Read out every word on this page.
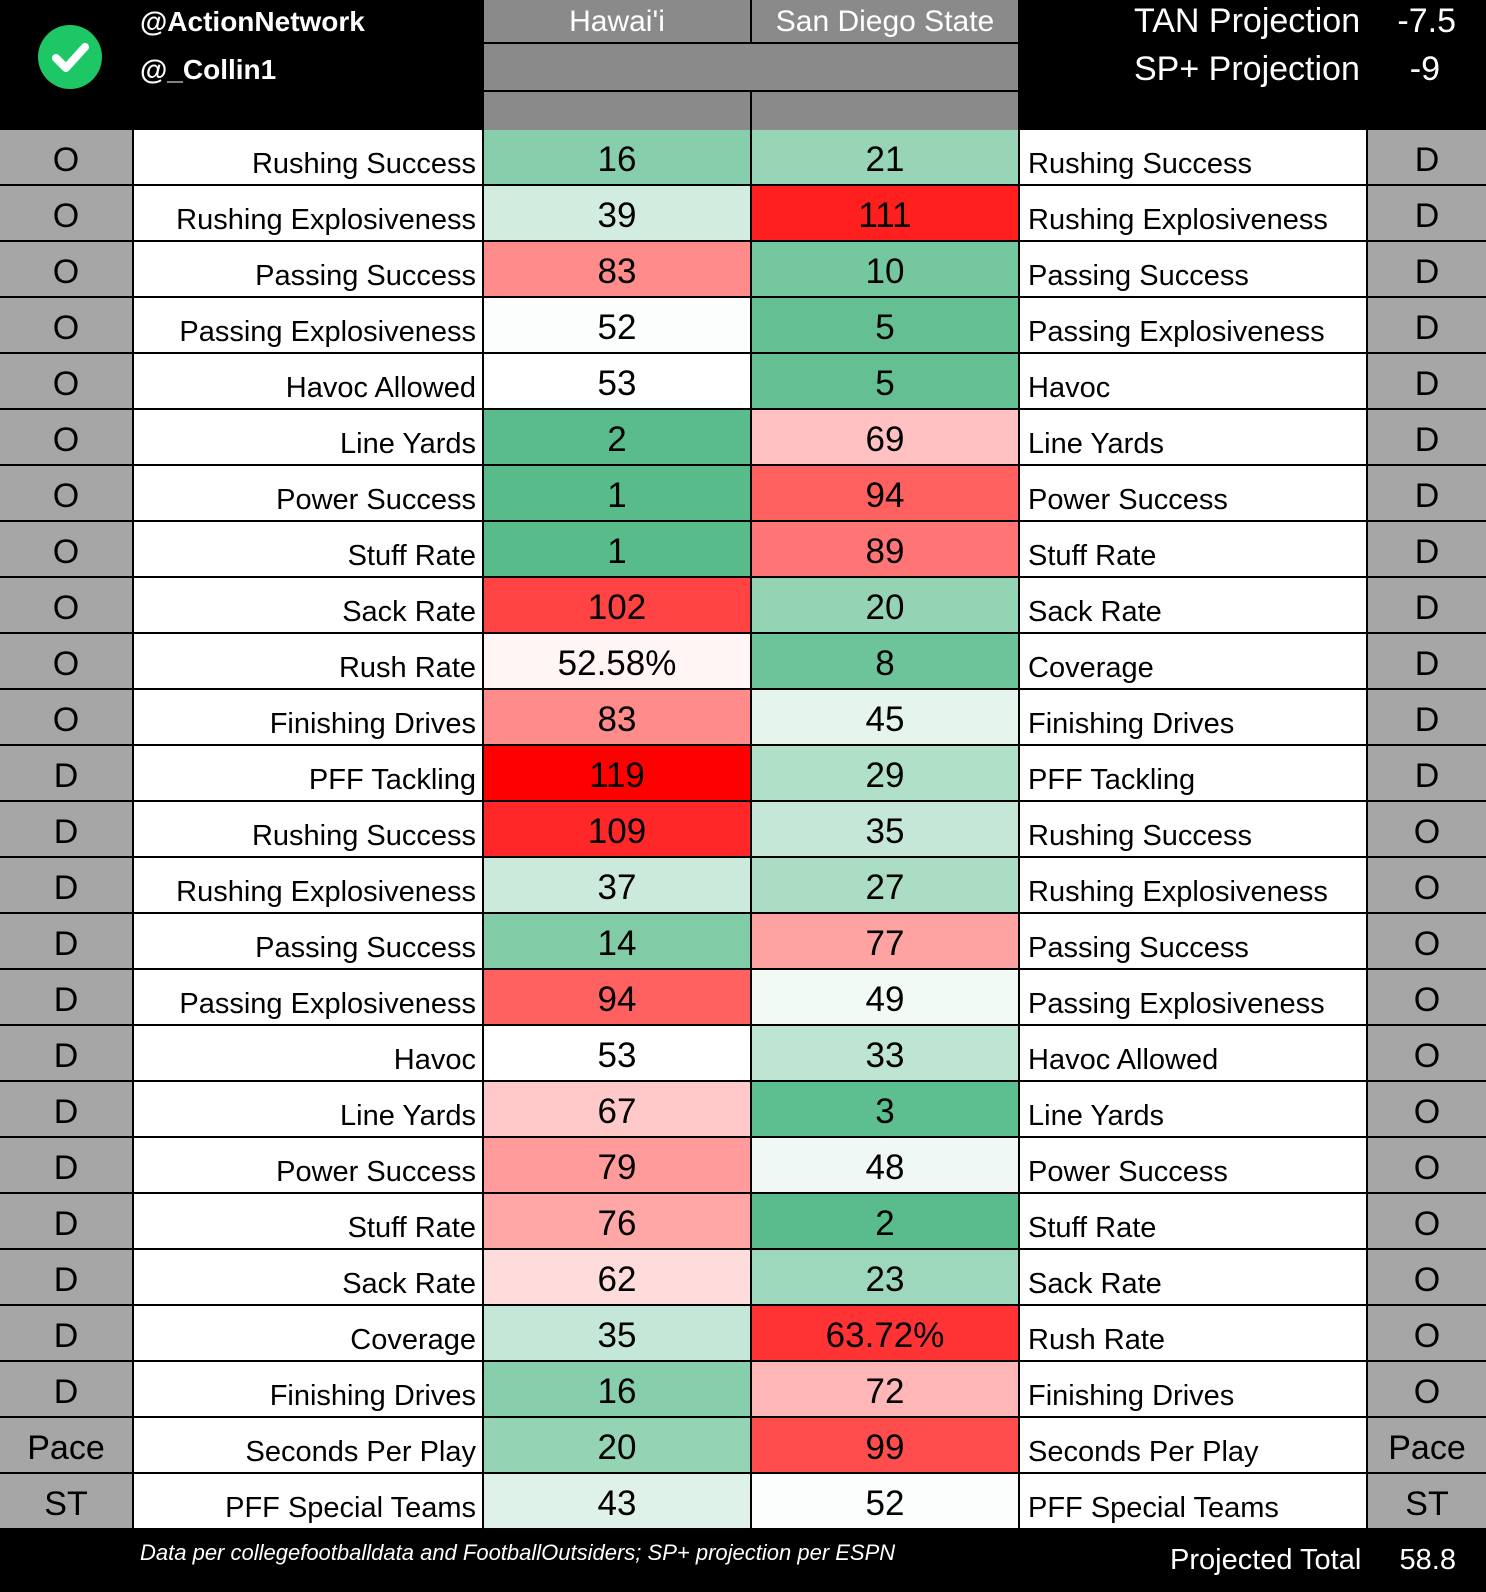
@ActionNetwork
@_Collin1
Hawai'i	San Diego State	TAN Projection -7.5
SP+ Projection -9
O	Rushing Success	16	21	Rushing Success	D
O	Rushing Explosiveness	39	111	Rushing Explosiveness	D
O	Passing Success	83	10	Passing Success	D
O	Passing Explosiveness	52	5	Passing Explosiveness	D
O	Havoc Allowed	53	5	Havoc	D
O	Line Yards	2	69	Line Yards	D
O	Power Success	1	94	Power Success	D
O	Stuff Rate	1	89	Stuff Rate	D
O	Sack Rate	102	20	Sack Rate	D
O	Rush Rate	52.58%	8	Coverage	D
O	Finishing Drives	83	45	Finishing Drives	D
D	PFF Tackling	119	29	PFF Tackling	D
D	Rushing Success	109	35	Rushing Success	O
D	Rushing Explosiveness	37	27	Rushing Explosiveness	O
D	Passing Success	14	77	Passing Success	O
D	Passing Explosiveness	94	49	Passing Explosiveness	O
D	Havoc	53	33	Havoc Allowed	O
D	Line Yards	67	3	Line Yards	O
D	Power Success	79	48	Power Success	O
D	Stuff Rate	76	2	Stuff Rate	O
D	Sack Rate	62	23	Sack Rate	O
D	Coverage	35	63.72%	Rush Rate	O
D	Finishing Drives	16	72	Finishing Drives	O
Pace	Seconds Per Play	20	99	Seconds Per Play	Pace
ST	PFF Special Teams	43	52	PFF Special Teams	ST
Data per collegefootballdata and FootballOutsiders; SP+ projection per ESPN	Projected Total 58.8
